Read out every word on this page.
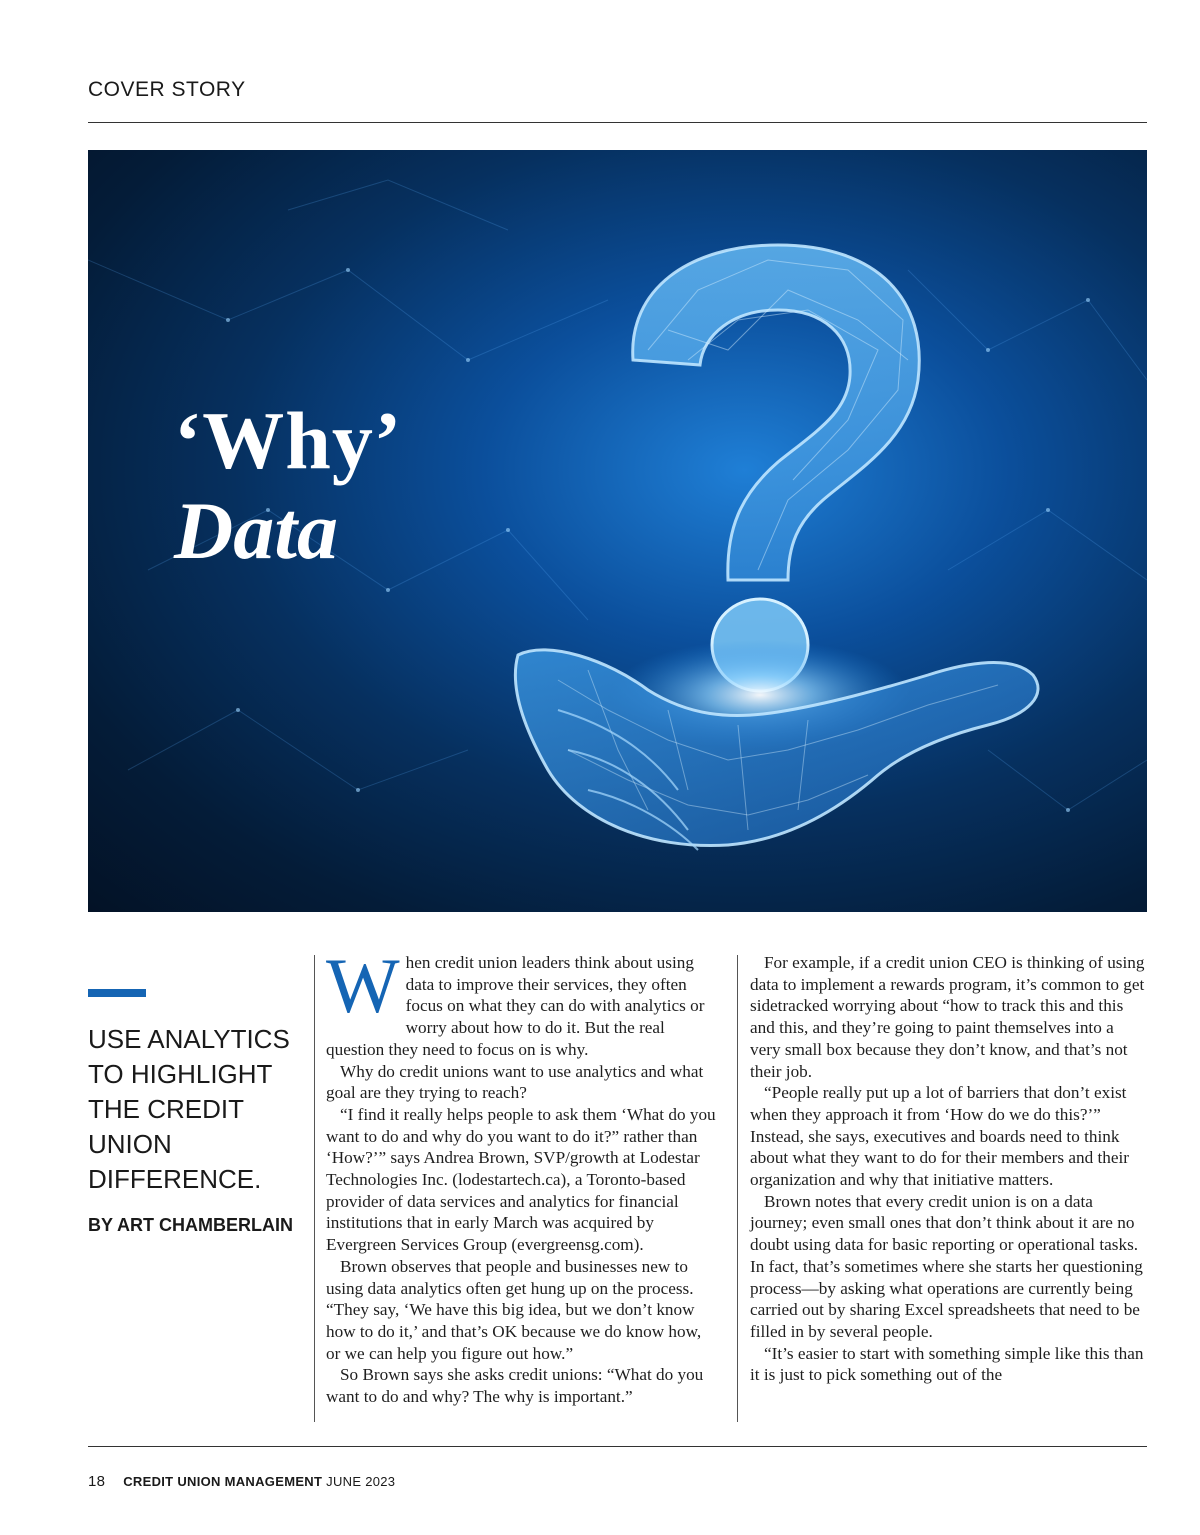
COVER STORY
‘Why’
Data
USE ANALYTICS TO HIGHLIGHT THE CREDIT UNION DIFFERENCE.
BY ART CHAMBERLAIN

When credit union leaders think about using data to improve their services, they often focus on what they can do with analytics or worry about how to do it. But the real question they need to focus on is why.

Why do credit unions want to use analytics and what goal are they trying to reach?

“I find it really helps people to ask them ‘What do you want to do and why do you want to do it?” rather than ‘How?’” says Andrea Brown, SVP/growth at Lodestar Technologies Inc. (lodestartech.ca), a Toronto-based provider of data services and analytics for financial institutions that in early March was acquired by Evergreen Services Group (evergreensg.com).

Brown observes that people and businesses new to using data analytics often get hung up on the process. “They say, ‘We have this big idea, but we don’t know how to do it,’ and that’s OK because we do know how, or we can help you figure out how.”

So Brown says she asks credit unions: “What do you want to do and why? The why is important.”

For example, if a credit union CEO is thinking of using data to implement a rewards program, it’s common to get sidetracked worrying about “how to track this and this and this, and they’re going to paint themselves into a very small box because they don’t know, and that’s not their job.

“People really put up a lot of barriers that don’t exist when they approach it from ‘How do we do this?’” Instead, she says, executives and boards need to think about what they want to do for their members and their organization and why that initiative matters.

Brown notes that every credit union is on a data journey; even small ones that don’t think about it are no doubt using data for basic reporting or operational tasks. In fact, that’s sometimes where she starts her questioning process—by asking what operations are currently being carried out by sharing Excel spreadsheets that need to be filled in by several people.

“It’s easier to start with something simple like this than it is just to pick something out of the

18 CREDIT UNION MANAGEMENT JUNE 2023
